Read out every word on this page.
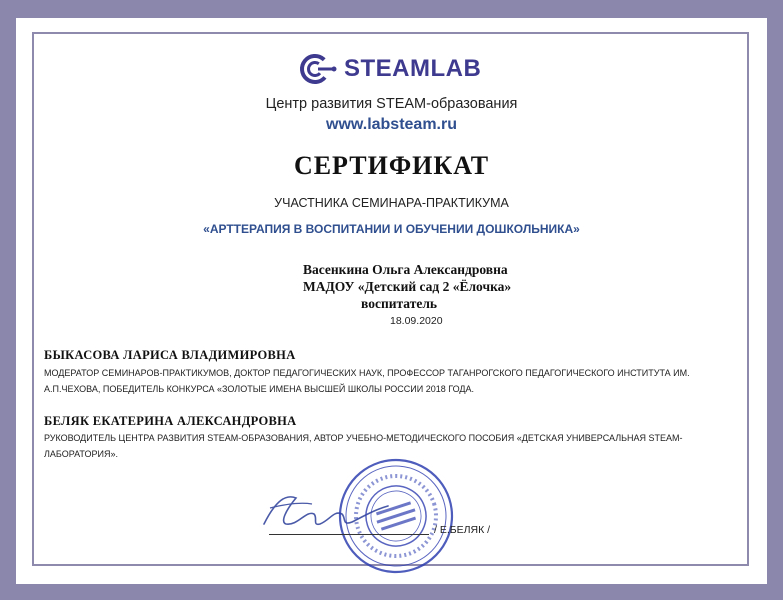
STEAMLAB
Центр развития STEAM-образования
www.labsteam.ru
СЕРТИФИКАТ
УЧАСТНИКА СЕМИНАРА-ПРАКТИКУМА
«АРТТЕРАПИЯ В ВОСПИТАНИИ И ОБУЧЕНИИ ДОШКОЛЬНИКА»
Васенкина Ольга Александровна
МАДОУ «Детский сад 2 «Ёлочка»
воспитатель
18.09.2020
БЫКАСОВА ЛАРИСА ВЛАДИМИРОВНА
МОДЕРАТОР СЕМИНАРОВ-ПРАКТИКУМОВ, ДОКТОР ПЕДАГОГИЧЕСКИХ НАУК, ПРОФЕССОР ТАГАНРОГСКОГО ПЕДАГОГИЧЕСКОГО ИНСТИТУТА ИМ.
А.П.ЧЕХОВА, ПОБЕДИТЕЛЬ КОНКУРСА «ЗОЛОТЫЕ ИМЕНА ВЫСШЕЙ ШКОЛЫ РОССИИ 2018 ГОДА.
БЕЛЯК ЕКАТЕРИНА АЛЕКСАНДРОВНА
РУКОВОДИТЕЛЬ ЦЕНТРА РАЗВИТИЯ STEAM-ОБРАЗОВАНИЯ, АВТОР УЧЕБНО-МЕТОДИЧЕСКОГО ПОСОБИЯ «ДЕТСКАЯ УНИВЕРСАЛЬНАЯ STEAM-
ЛАБОРАТОРИЯ».
/ Е.БЕЛЯК /
